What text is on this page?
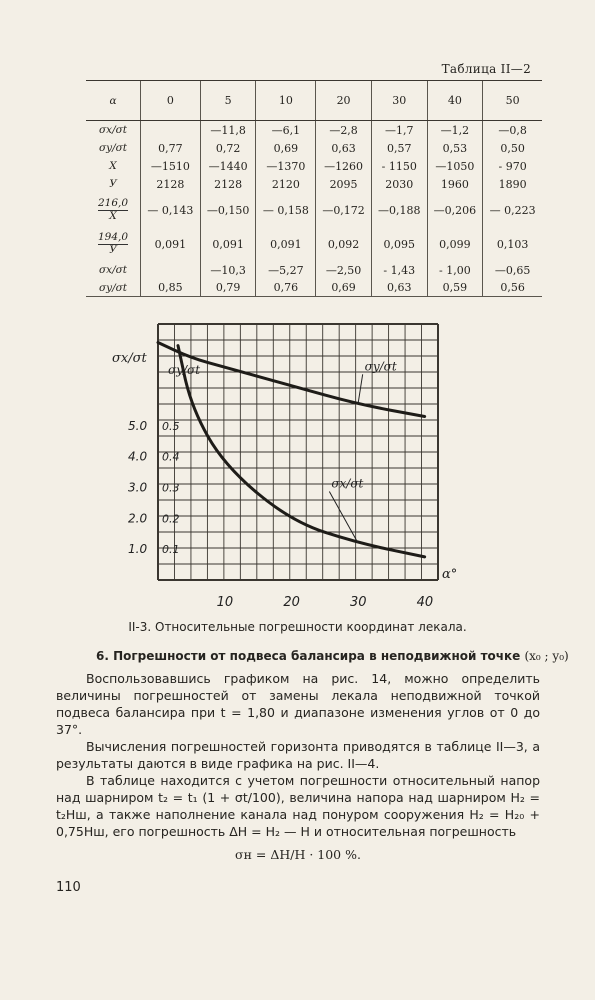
Таблица II—2
α	0	5	10	20	30	40	50
σx/σt		—11,8	—6,1	—2,8	—1,7	—1,2	—0,8
σy/σt	0,77	0,72	0,69	0,63	0,57	0,53	0,50
X	—1510	—1440	—1370	—1260	- 1150	—1050	- 970
У	2128	2128	2120	2095	2030	1960	1890

$\frac{216,0}{X}$	— 0,143	—0,150	— 0,158	—0,172	—0,188	—0,206	— 0,223

$\frac{194,0}{У}$	0,091	0,091	0,091	0,092	0,095	0,099	0,103
σx/σt		—10,3	—5,27	—2,50	- 1,43	- 1,00	—0,65
σy/σt	0,85	0,79	0,76	0,69	0,63	0,59	0,56
1.0
2.0
3.0
4.0
5.0
0.1
0.2
0.3
0.4
0.5
10	20	30	40
σx/σt
σy/σt
α°
σy/σt
σx/σt
II-3. Относительные погрешности координат лекала.
6. Погрешности от подвеса балансира в неподвижной точке (x₀ ; y₀)

Воспользовавшись графиком на рис. 14, можно определить величины погрешностей от замены лекала неподвижной точкой подвеса балансира при t = 1,80 и диапазоне изменения углов от 0 до 37°.

Вычисления погрешностей горизонта приводятся в таблице II—3, а результаты даются в виде графика на рис. II—4.

В таблице находится с учетом погрешности относительный напор над шарниром t₂ = t₁ (1 + σt/100), величина напора над шарниром H₂ = t₂Hш, а также наполнение канала над понуром сооружения H₂ = H₂₀ + 0,75Hш, его погрешность ΔH = H₂ — H и относительная погрешность

σн = ΔH/H · 100 %.
110
